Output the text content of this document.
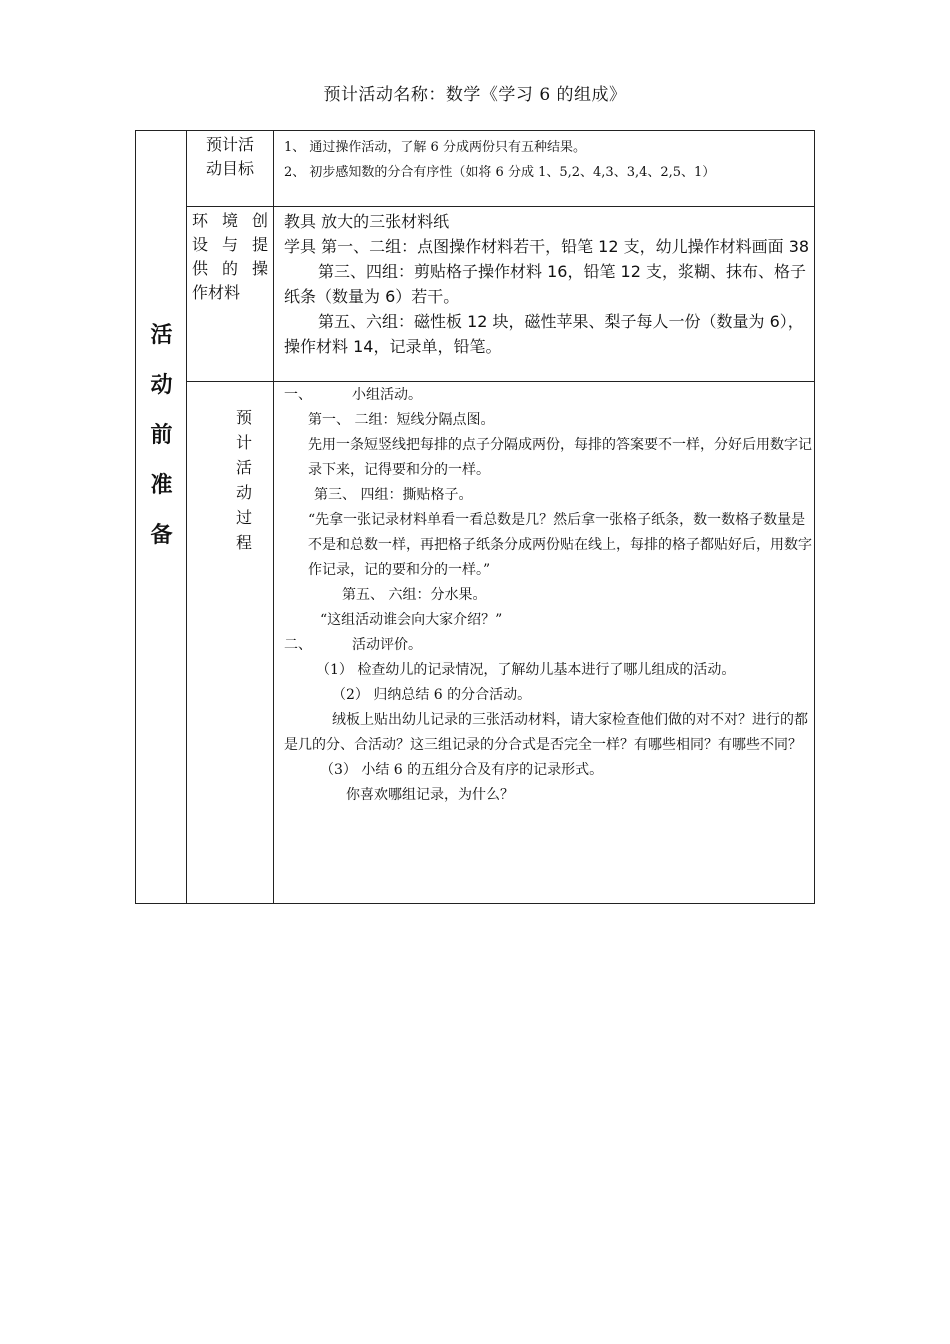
预计活动名称：数学《学习 6 的组成》
活
动
前
准
备
预计活动目标
1、 通过操作活动，了解 6 分成两份只有五种结果。
2、 初步感知数的分合有序性（如将 6 分成 1、5,2、4,3、3,4、2,5、1）
环 境 创
设 与 提
供 的 操
作材料

教具 放大的三张材料纸

学具 第一、二组：点图操作材料若干，铅笔 12 支，幼儿操作材料画面 38

第三、四组：剪贴格子操作材料 16，铅笔 12 支，浆糊、抹布、格子纸条（数量为 6）若干。

第五、六组：磁性板 12 块，磁性苹果、梨子每人一份（数量为 6），操作材料 14，记录单，铅笔。

预
计
活
动
过
程

一、	小组活动。

第一、 二组：短线分隔点图。

先用一条短竖线把每排的点子分隔成两份，每排的答案要不一样，分好后用数字记录下来，记得要和分的一样。

第三、 四组：撕贴格子。

“先拿一张记录材料单看一看总数是几？然后拿一张格子纸条，数一数格子数量是不是和总数一样，再把格子纸条分成两份贴在线上，每排的格子都贴好后，用数字作记录，记的要和分的一样。”

第五、 六组：分水果。

“这组活动谁会向大家介绍？”

二、	活动评价。

（1） 检查幼儿的记录情况，了解幼儿基本进行了哪儿组成的活动。

（2） 归纳总结 6 的分合活动。

绒板上贴出幼儿记录的三张活动材料，请大家检查他们做的对不对？进行的都是几的分、合活动？这三组记录的分合式是否完全一样？有哪些相同？有哪些不同？

（3） 小结 6 的五组分合及有序的记录形式。

你喜欢哪组记录，为什么？
